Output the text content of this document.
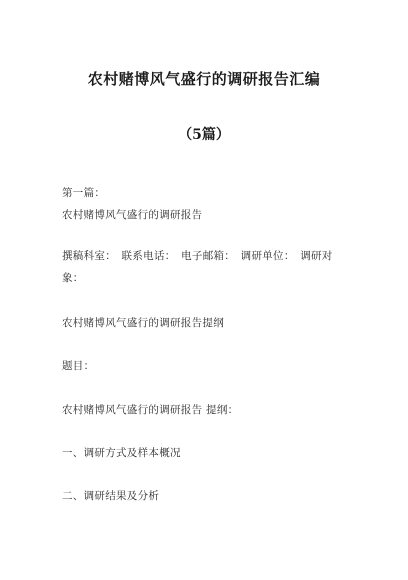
农村赌博风气盛行的调研报告汇编
（5篇）
第一篇：
农村赌博风气盛行的调研报告
撰稿科室：　联系电话：　电子邮箱：　调研单位：　调研对象：
农村赌博风气盛行的调研报告提纲
题目：
农村赌博风气盛行的调研报告 提纲：
一、调研方式及样本概况
二、调研结果及分析
